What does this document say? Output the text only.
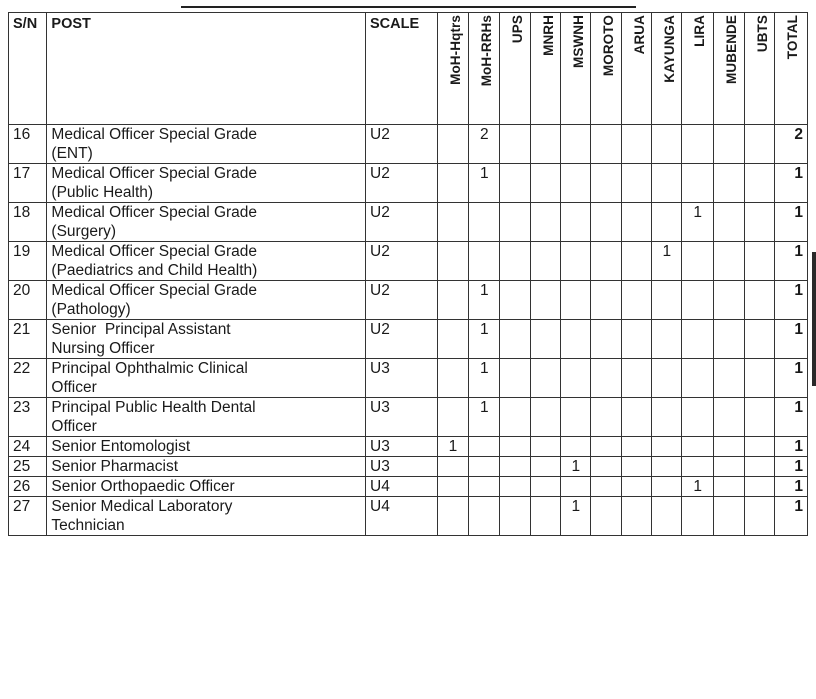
S/N	POST	SCALE	MoH-Hqtrs	MoH-RRHs	UPS	MNRH	MSWNH	MOROTO	ARUA	KAYUNGA	LIRA	MUBENDE	UBTS	TOTAL

16	Medical Officer Special Grade
(ENT)	U2		2										2
17	Medical Officer Special Grade
(Public Health)	U2		1										1
18	Medical Officer Special Grade
(Surgery)	U2									1			1
19	Medical Officer Special Grade
(Paediatrics and Child Health)	U2								1				1
20	Medical Officer Special Grade
(Pathology)	U2		1										1
21	Senior  Principal Assistant
Nursing Officer	U2		1										1
22	Principal Ophthalmic Clinical
Officer	U3		1										1
23	Principal Public Health Dental
Officer	U3		1										1
24	Senior Entomologist	U3	1											1
25	Senior Pharmacist	U3					1							1
26	Senior Orthopaedic Officer	U4									1			1
27	Senior Medical Laboratory
Technician	U4					1							1
